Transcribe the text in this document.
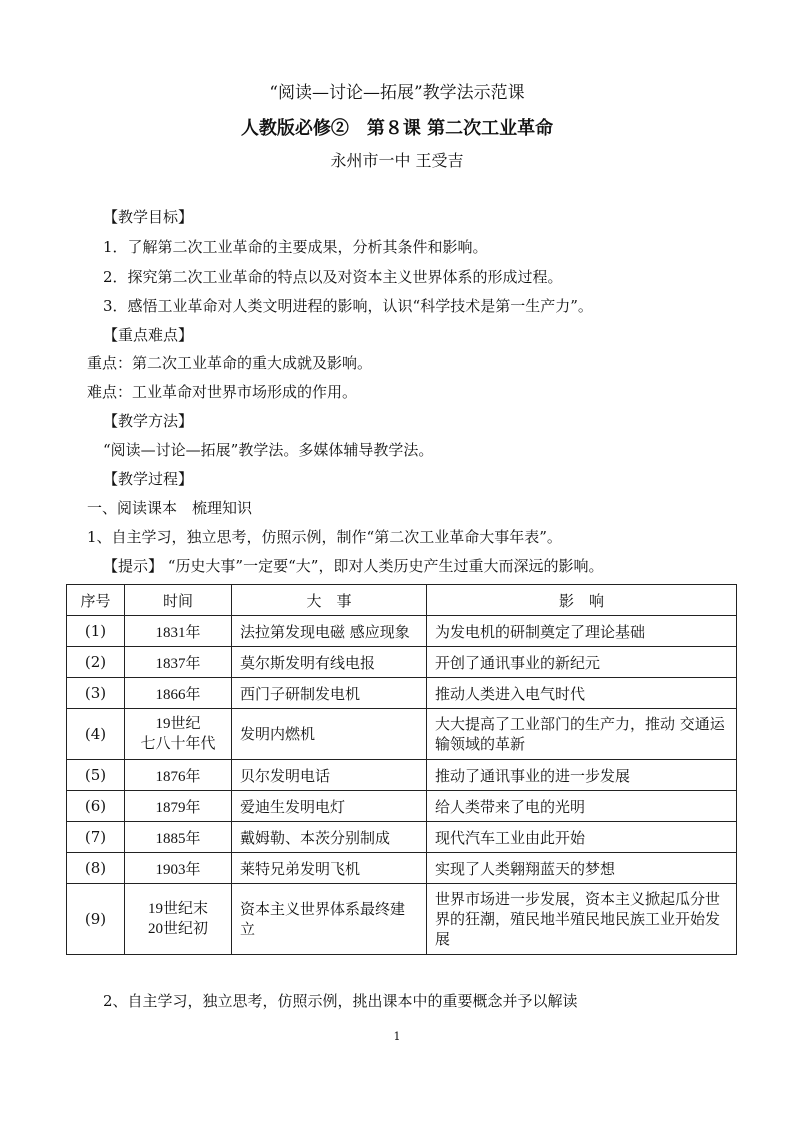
“阅读—讨论—拓展”教学法示范课
人教版必修②　第８课 第二次工业革命
永州市一中 王受吉
【教学目标】
1．了解第二次工业革命的主要成果，分析其条件和影响。
2．探究第二次工业革命的特点以及对资本主义世界体系的形成过程。
3．感悟工业革命对人类文明进程的影响，认识“科学技术是第一生产力”。
【重点难点】
重点：第二次工业革命的重大成就及影响。
难点：工业革命对世界市场形成的作用。
【教学方法】
“阅读—讨论—拓展”教学法。多媒体辅导教学法。
【教学过程】
一、阅读课本　梳理知识
1、自主学习，独立思考，仿照示例，制作“第二次工业革命大事年表”。
【提示】 “历史大事”一定要“大”，即对人类历史产生过重大而深远的影响。
序号	时间	大　事	影　响
(1)	1831年	法拉第发现电磁 感应现象	为发电机的研制奠定了理论基础
(2)	1837年	莫尔斯发明有线电报	开创了通讯事业的新纪元
(3)	1866年	西门子研制发电机	推动人类进入电气时代
(4)	19世纪
七八十年代	发明内燃机	大大提高了工业部门的生产力，推动 交通运输领域的革新
(5)	1876年	贝尔发明电话	推动了通讯事业的进一步发展
(6)	1879年	爱迪生发明电灯	给人类带来了电的光明
(7)	1885年	戴姆勒、本茨分别制成	现代汽车工业由此开始
(8)	1903年	莱特兄弟发明飞机	实现了人类翱翔蓝天的梦想
(9)	19世纪末
20世纪初	资本主义世界体系最终建立	世界市场进一步发展，资本主义掀起瓜分世界的狂潮，殖民地半殖民地民族工业开始发展
2、自主学习，独立思考，仿照示例，挑出课本中的重要概念并予以解读
1
